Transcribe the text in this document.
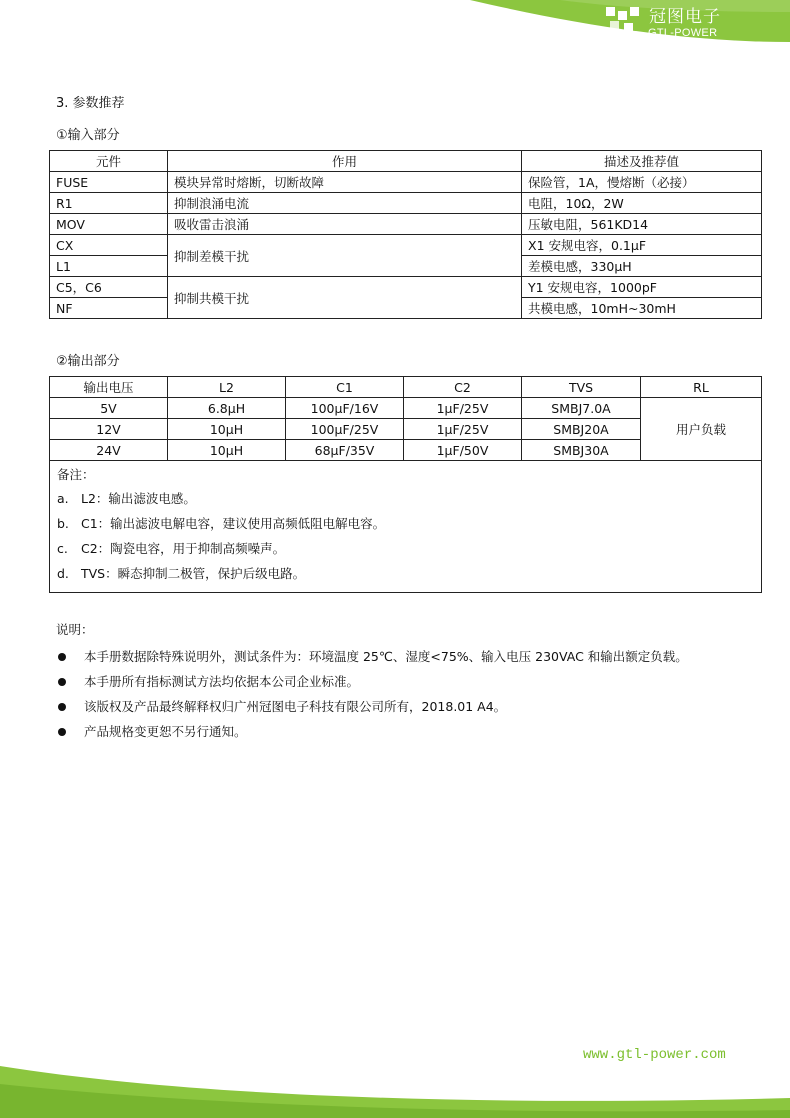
冠图电子
GTL-POWER
3. 参数推荐
①输入部分
元件	作用	描述及推荐值
FUSE	模块异常时熔断，切断故障	保险管，1A，慢熔断（必接）
R1	抑制浪涌电流	电阻，10Ω，2W
MOV	吸收雷击浪涌	压敏电阻，561KD14
CX	抑制差模干扰	X1 安规电容，0.1μF
L1		差模电感，330μH
C5，C6	抑制共模干扰	Y1 安规电容，1000pF
NF		共模电感，10mH~30mH
②输出部分
输出电压	L2	C1	C2	TVS	RL
5V	6.8μH	100μF/16V	1μF/25V	SMBJ7.0A	用户负载
12V	10μH	100μF/25V	1μF/25V	SMBJ20A	
24V	10μH	68μF/35V	1μF/50V	SMBJ30A	

备注：
a. L2：输出滤波电感。
b. C1：输出滤波电解电容，建议使用高频低阻电解电容。
c. C2：陶瓷电容，用于抑制高频噪声。
d. TVS：瞬态抑制二极管，保护后级电路。					
说明：
本手册数据除特殊说明外，测试条件为：环境温度 25℃、湿度<75%、输入电压 230VAC 和输出额定负载。
本手册所有指标测试方法均依据本公司企业标准。
该版权及产品最终解释权归广州冠图电子科技有限公司所有，2018.01 A4。
产品规格变更恕不另行通知。
www.gtl-power.com
